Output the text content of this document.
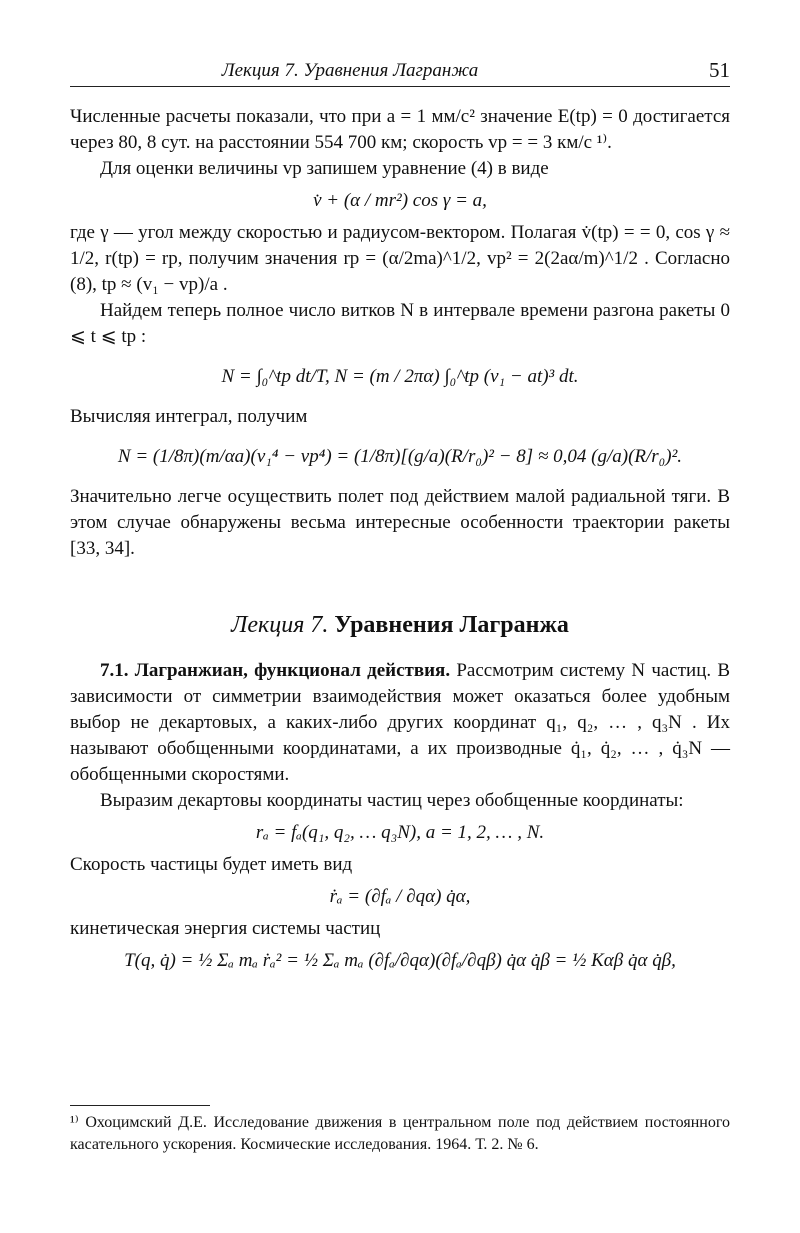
Лекция 7. Уравнения Лагранжа	51

Численные расчеты показали, что при a = 1 мм/с² значение E(tр) = 0 достигается через 80, 8 сут. на расстоянии 554 700 км; скорость vр = = 3 км/с ¹⁾.

Для оценки величины vр запишем уравнение (4) в виде

v̇ + (α / mr²) cos γ = a,

где γ — угол между скоростью и радиусом-вектором. Полагая v̇(tр) = = 0, cos γ ≈ 1/2, r(tр) = rр, получим значения rр = (α/2ma)^1/2, vр² = 2(2aα/m)^1/2 . Согласно (8), tр ≈ (v₁ − vр)/a .

Найдем теперь полное число витков N в интервале времени разгона ракеты 0 ⩽ t ⩽ tр :

N = ∫₀^tр dt/T, N = (m / 2πα) ∫₀^tр (v₁ − at)³ dt.

Вычисляя интеграл, получим

N = (1/8π)(m/αa)(v₁⁴ − vр⁴) = (1/8π)[(g/a)(R/r₀)² − 8] ≈ 0,04 (g/a)(R/r₀)².

Значительно легче осуществить полет под действием малой радиальной тяги. В этом случае обнаружены весьма интересные особенности траектории ракеты [33, 34].

Лекция 7. Уравнения Лагранжа

7.1. Лагранжиан, функционал действия. Рассмотрим систему N частиц. В зависимости от симметрии взаимодействия может оказаться более удобным выбор не декартовых, а каких-либо других координат q₁, q₂, … , q₃N . Их называют обобщенными координатами, а их производные q̇₁, q̇₂, … , q̇₃N — обобщенными скоростями.

Выразим декартовы координаты частиц через обобщенные координаты:

rₐ = fₐ(q₁, q₂, … q₃N), a = 1, 2, … , N.

Скорость частицы будет иметь вид

ṙₐ = (∂fₐ / ∂qα) q̇α,

кинетическая энергия системы частиц

T(q, q̇) = ½ Σₐ mₐ ṙₐ² = ½ Σₐ mₐ (∂fₐ/∂qα)(∂fₐ/∂qβ) q̇α q̇β = ½ Kαβ q̇α q̇β,
¹⁾ Охоцимский Д.Е. Исследование движения в центральном поле под действием постоянного касательного ускорения. Космические исследования. 1964. Т. 2. № 6.
